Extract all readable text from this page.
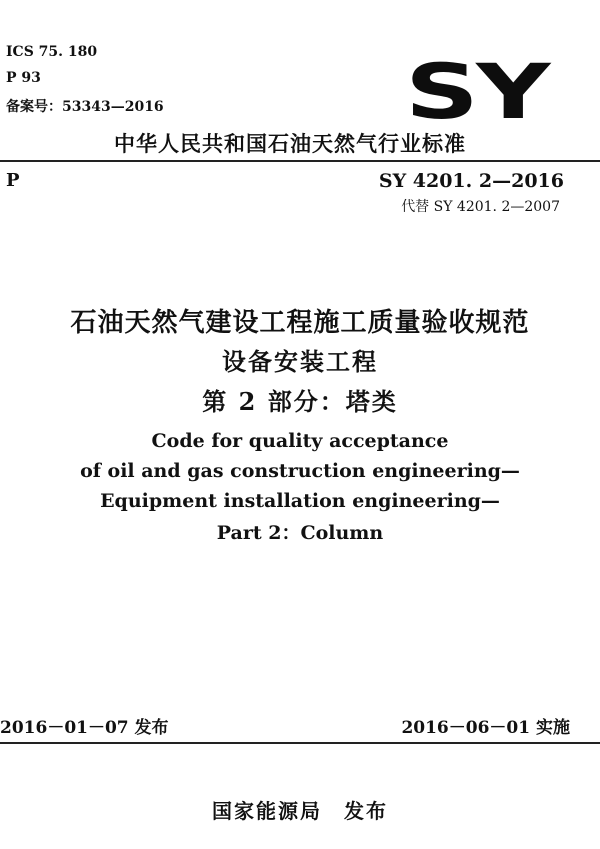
ICS 75. 180
P 93
备案号：53343—2016	SY
中华人民共和国石油天然气行业标准
P	SY 4201. 2—2016
代替 SY 4201. 2—2007
石油天然气建设工程施工质量验收规范
设备安装工程
第 2 部分：塔类
Code for quality acceptance
of oil and gas construction engineering—
Equipment installation engineering—
Part 2：Column
2016－01－07 发布	2016－06－01 实施
国家能源局　发布
